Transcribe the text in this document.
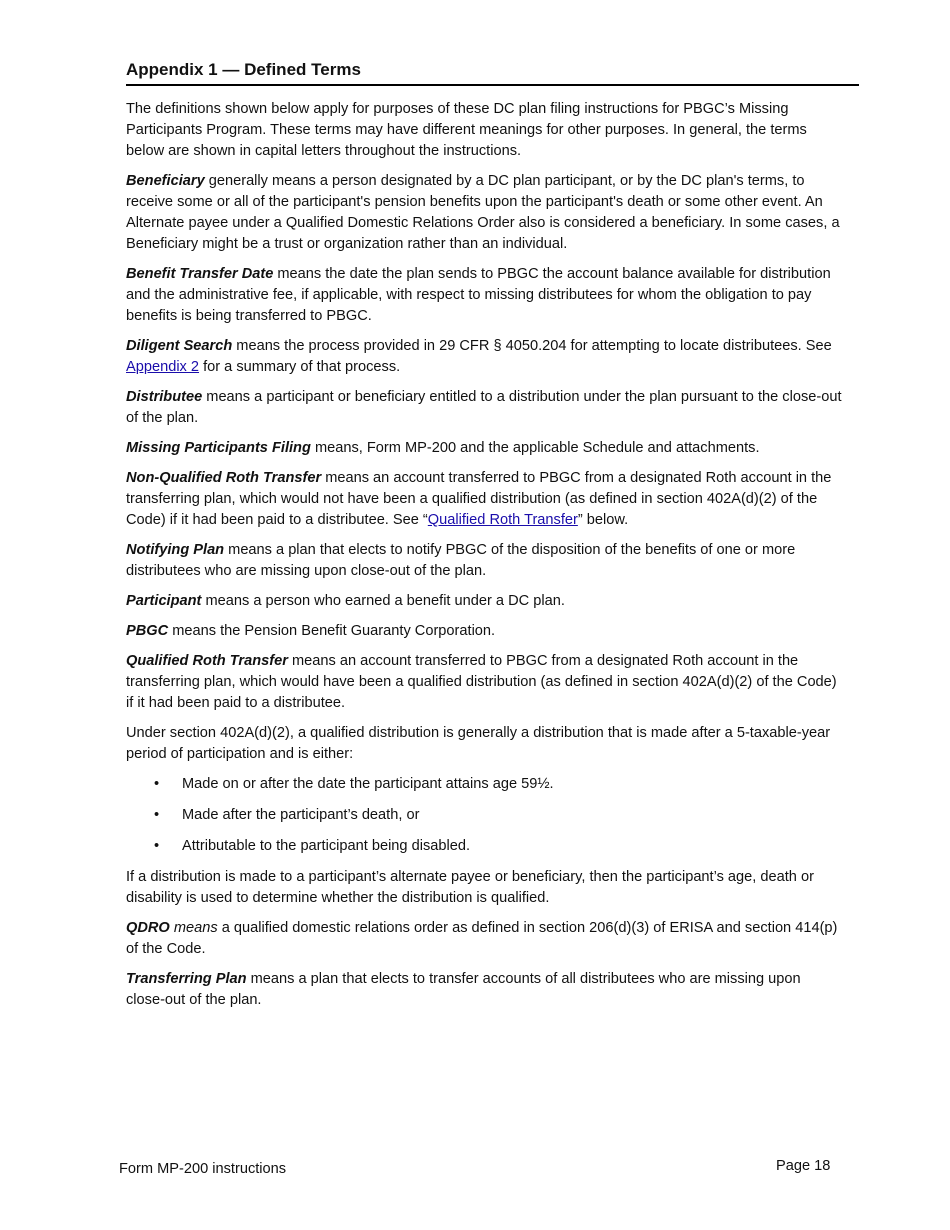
Appendix 1 — Defined Terms

The definitions shown below apply for purposes of these DC plan filing instructions for PBGC’s Missing Participants Program. These terms may have different meanings for other purposes. In general, the terms below are shown in capital letters throughout the instructions.

Beneficiary generally means a person designated by a DC plan participant, or by the DC plan's terms, to receive some or all of the participant's pension benefits upon the participant's death or some other event. An Alternate payee under a Qualified Domestic Relations Order also is considered a beneficiary. In some cases, a Beneficiary might be a trust or organization rather than an individual.

Benefit Transfer Date means the date the plan sends to PBGC the account balance available for distribution and the administrative fee, if applicable, with respect to missing distributees for whom the obligation to pay benefits is being transferred to PBGC.

Diligent Search means the process provided in 29 CFR § 4050.204 for attempting to locate distributees. See Appendix 2 for a summary of that process.

Distributee means a participant or beneficiary entitled to a distribution under the plan pursuant to the close-out of the plan.

Missing Participants Filing means, Form MP-200 and the applicable Schedule and attachments.

Non-Qualified Roth Transfer means an account transferred to PBGC from a designated Roth account in the transferring plan, which would not have been a qualified distribution (as defined in section 402A(d)(2) of the Code) if it had been paid to a distributee. See “Qualified Roth Transfer” below.

Notifying Plan means a plan that elects to notify PBGC of the disposition of the benefits of one or more distributees who are missing upon close-out of the plan.

Participant means a person who earned a benefit under a DC plan.

PBGC means the Pension Benefit Guaranty Corporation.

Qualified Roth Transfer means an account transferred to PBGC from a designated Roth account in the transferring plan, which would have been a qualified distribution (as defined in section 402A(d)(2) of the Code) if it had been paid to a distributee.

Under section 402A(d)(2), a qualified distribution is generally a distribution that is made after a 5-taxable-year period of participation and is either:

• Made on or after the date the participant attains age 59½.
• Made after the participant’s death, or
• Attributable to the participant being disabled.

If a distribution is made to a participant’s alternate payee or beneficiary, then the participant’s age, death or disability is used to determine whether the distribution is qualified.

QDRO means a qualified domestic relations order as defined in section 206(d)(3) of ERISA and section 414(p) of the Code.

Transferring Plan means a plan that elects to transfer accounts of all distributees who are missing upon close-out of the plan.

Form MP-200 instructions	Page 18
